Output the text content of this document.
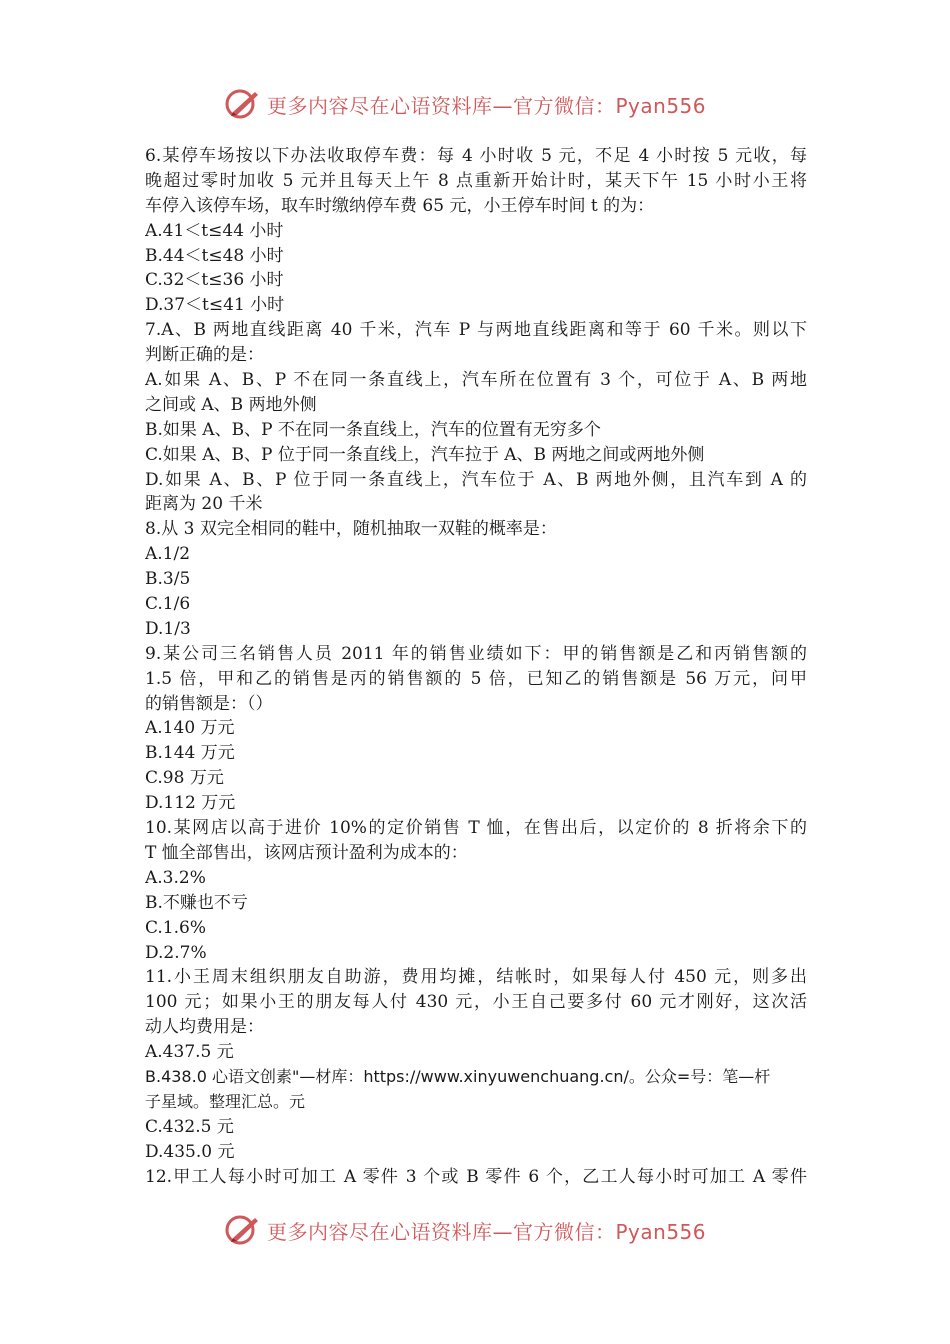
更多内容尽在心语资料库—官方微信：Pyan556
6.某停车场按以下办法收取停车费：每 4 小时收 5 元，不足 4 小时按 5 元收，每
晚超过零时加收 5 元并且每天上午 8 点重新开始计时，某天下午 15 小时小王将
车停入该停车场，取车时缴纳停车费 65 元，小王停车时间 t 的为：
A.41＜t≤44 小时
B.44＜t≤48 小时
C.32＜t≤36 小时
D.37＜t≤41 小时
7.A、B 两地直线距离 40 千米，汽车 P 与两地直线距离和等于 60 千米。则以下
判断正确的是：
A.如果 A、B、P 不在同一条直线上，汽车所在位置有 3 个，可位于 A、B 两地
之间或 A、B 两地外侧
B.如果 A、B、P 不在同一条直线上，汽车的位置有无穷多个
C.如果 A、B、P 位于同一条直线上，汽车拉于 A、B 两地之间或两地外侧
D.如果 A、B、P 位于同一条直线上，汽车位于 A、B 两地外侧，且汽车到 A 的
距离为 20 千米
8.从 3 双完全相同的鞋中，随机抽取一双鞋的概率是：
A.1/2
B.3/5
C.1/6
D.1/3
9.某公司三名销售人员 2011 年的销售业绩如下：甲的销售额是乙和丙销售额的
1.5 倍，甲和乙的销售是丙的销售额的 5 倍，已知乙的销售额是 56 万元，问甲
的销售额是：（）
A.140 万元
B.144 万元
C.98 万元
D.112 万元
10.某网店以高于进价 10%的定价销售 T 恤，在售出后，以定价的 8 折将余下的
T 恤全部售出，该网店预计盈利为成本的：
A.3.2%
B.不赚也不亏
C.1.6%
D.2.7%
11.小王周末组织朋友自助游，费用均摊，结帐时，如果每人付 450 元，则多出
100 元；如果小王的朋友每人付 430 元，小王自己要多付 60 元才刚好，这次活
动人均费用是：
A.437.5 元
B.438.0 心语文创素"—材库：https://www.xinyuwenchuang.cn/。公众=号：笔—杆
子星域。整理汇总。元
C.432.5 元
D.435.0 元
12.甲工人每小时可加工 A 零件 3 个或 B 零件 6 个，乙工人每小时可加工 A 零件
更多内容尽在心语资料库—官方微信：Pyan556
